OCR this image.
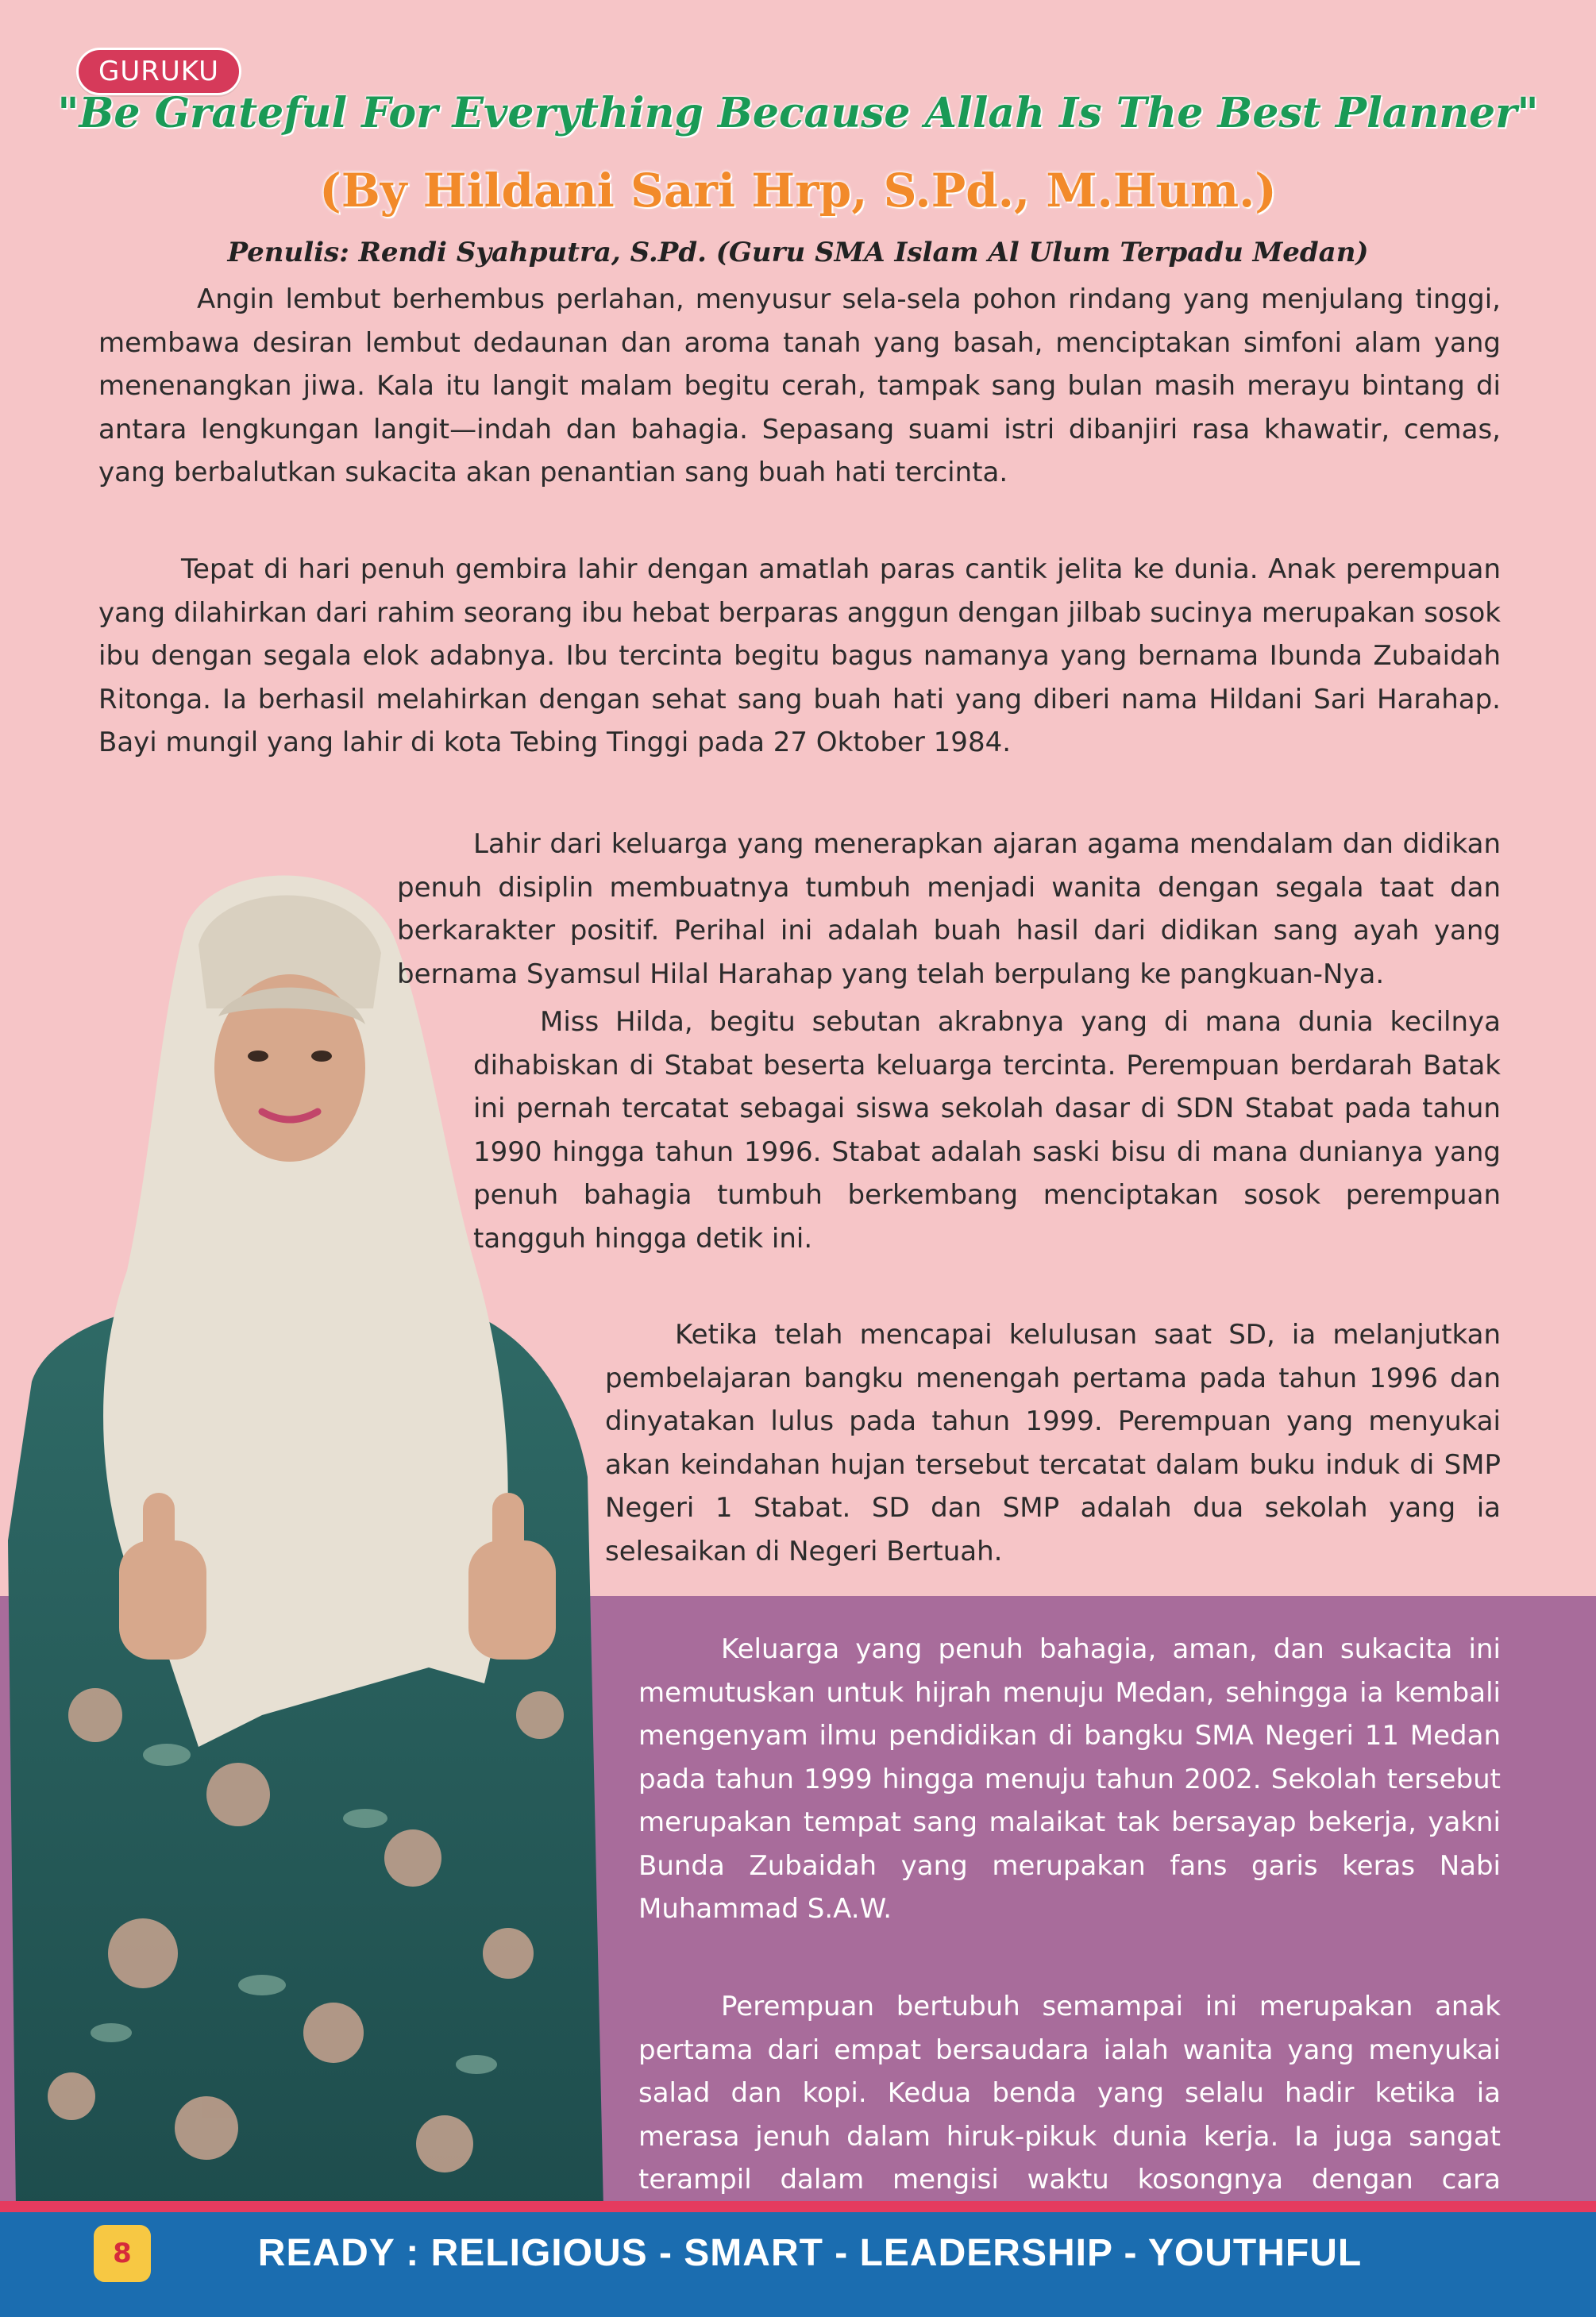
GURUKU
"Be Grateful For Everything Because Allah Is The Best Planner"
(By Hildani Sari Hrp, S.Pd., M.Hum.)
Penulis: Rendi Syahputra, S.Pd. (Guru SMA Islam Al Ulum Terpadu Medan)

Angin lembut berhembus perlahan, menyusur sela-sela pohon rindang yang menjulang tinggi, membawa desiran lembut dedaunan dan aroma tanah yang basah, menciptakan simfoni alam yang menenangkan jiwa. Kala itu langit malam begitu cerah, tampak sang bulan masih merayu bintang di antara lengkungan langit—indah dan bahagia. Sepasang suami istri dibanjiri rasa khawatir, cemas, yang berbalutkan sukacita akan penantian sang buah hati tercinta.

Tepat di hari penuh gembira lahir dengan amatlah paras cantik jelita ke dunia. Anak perempuan yang dilahirkan dari rahim seorang ibu hebat berparas anggun dengan jilbab sucinya merupakan sosok ibu dengan segala elok adabnya. Ibu tercinta begitu bagus namanya yang bernama Ibunda Zubaidah Ritonga. Ia berhasil melahirkan dengan sehat sang buah hati yang diberi nama Hildani Sari Harahap. Bayi mungil yang lahir di kota Tebing Tinggi pada 27 Oktober 1984.

Lahir dari keluarga yang menerapkan ajaran agama mendalam dan didikan penuh disiplin membuatnya tumbuh menjadi wanita dengan segala taat dan berkarakter positif. Perihal ini adalah buah hasil dari didikan sang ayah yang bernama Syamsul Hilal Harahap yang telah berpulang ke pangkuan-Nya.

Miss Hilda, begitu sebutan akrabnya yang di mana dunia kecilnya dihabiskan di Stabat beserta keluarga tercinta. Perempuan berdarah Batak ini pernah tercatat sebagai siswa sekolah dasar di SDN Stabat pada tahun 1990 hingga tahun 1996. Stabat adalah saski bisu di mana dunianya yang penuh bahagia tumbuh berkembang menciptakan sosok perempuan tangguh hingga detik ini.

Ketika telah mencapai kelulusan saat SD, ia melanjutkan pembelajaran bangku menengah pertama pada tahun 1996 dan dinyatakan lulus pada tahun 1999. Perempuan yang menyukai akan keindahan hujan tersebut tercatat dalam buku induk di SMP Negeri 1 Stabat. SD dan SMP adalah dua sekolah yang ia selesaikan di Negeri Bertuah.

Keluarga yang penuh bahagia, aman, dan sukacita ini memutuskan untuk hijrah menuju Medan, sehingga ia kembali mengenyam ilmu pendidikan di bangku SMA Negeri 11 Medan pada tahun 1999 hingga menuju tahun 2002. Sekolah tersebut merupakan tempat sang malaikat tak bersayap bekerja, yakni Bunda Zubaidah yang merupakan fans garis keras Nabi Muhammad S.A.W.

Perempuan bertubuh semampai ini merupakan anak pertama dari empat bersaudara ialah wanita yang menyukai salad dan kopi. Kedua benda yang selalu hadir ketika ia merasa jenuh dalam hiruk-pikuk dunia kerja. Ia juga sangat terampil dalam mengisi waktu kosongnya dengan cara

8	READY : RELIGIOUS - SMART - LEADERSHIP - YOUTHFUL
